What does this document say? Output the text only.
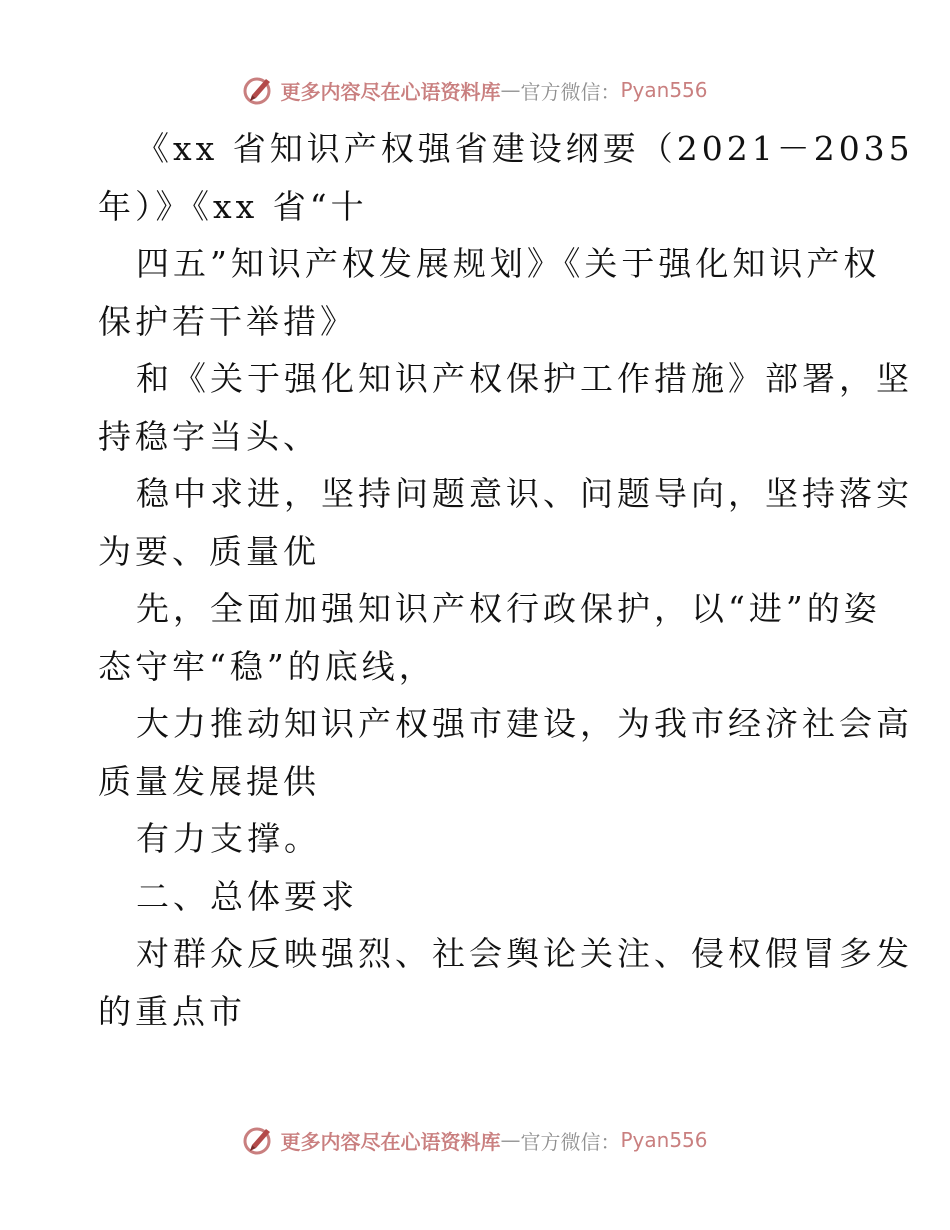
更多内容尽在心语资料库 — 官方微信： Pyan556
《xx 省知识产权强省建设纲要（2021－2035
年）》《xx 省“十
四五”知识产权发展规划》《关于强化知识产权
保护若干举措》
和《关于强化知识产权保护工作措施》部署，坚
持稳字当头、
稳中求进，坚持问题意识、问题导向，坚持落实
为要、质量优
先，全面加强知识产权行政保护，以“进”的姿
态守牢“稳”的底线，
大力推动知识产权强市建设，为我市经济社会高
质量发展提供
有力支撑。
二、总体要求
对群众反映强烈、社会舆论关注、侵权假冒多发
的重点市
更多内容尽在心语资料库 — 官方微信： Pyan556
